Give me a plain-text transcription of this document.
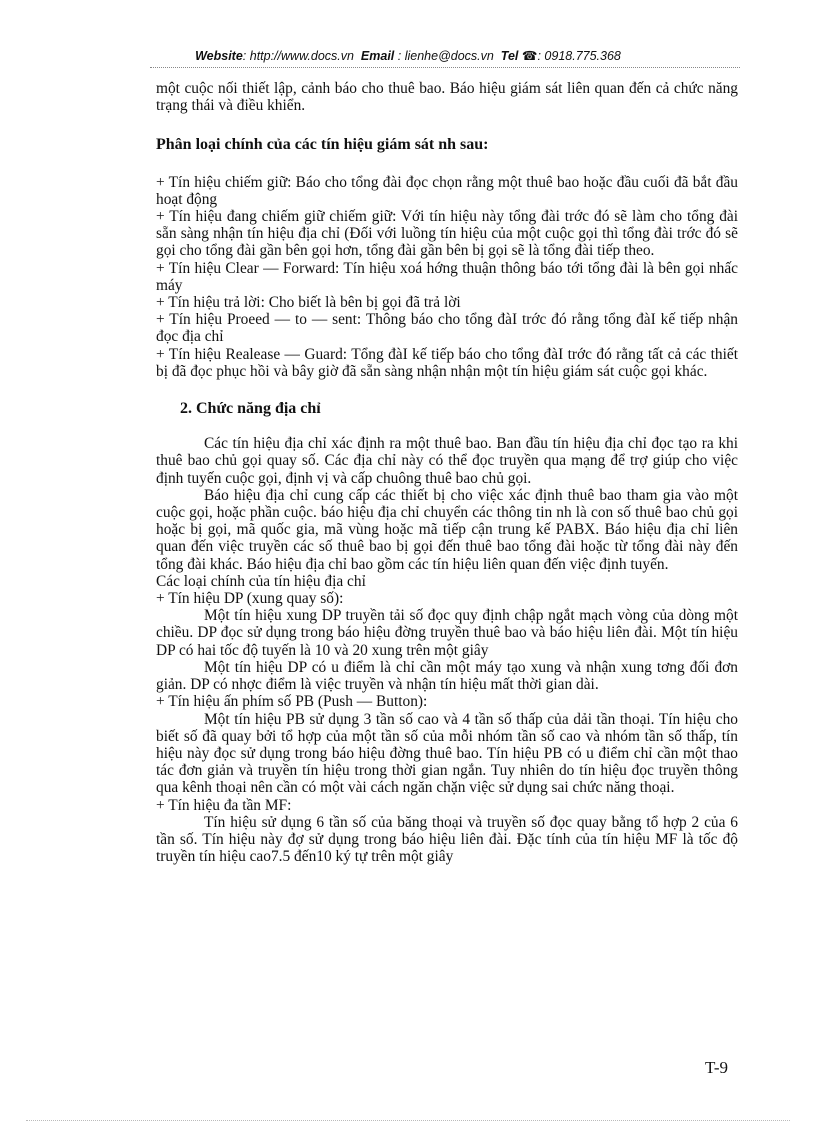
Website: http://www.docs.vn Email : lienhe@docs.vn Tel ☎: 0918.775.368

một cuộc nối thiết lập, cảnh báo cho thuê bao. Báo hiệu giám sát liên quan đến cả chức năng trạng thái và điều khiển.

Phân loại chính của các tín hiệu giám sát nh sau:

+ Tín hiệu chiếm giữ: Báo cho tổng đài đọc chọn rằng một thuê bao hoặc đầu cuối đã bắt đầu hoạt động

+ Tín hiệu đang chiếm giữ chiếm giữ: Với tín hiệu này tổng đài trớc đó sẽ làm cho tổng đài sẵn sàng nhận tín hiệu địa chỉ (Đối với luồng tín hiệu của một cuộc gọi thì tổng đài trớc đó sẽ gọi cho tổng đài gần bên gọi hơn, tổng đài gần bên bị gọi sẽ là tổng đài tiếp theo.

+ Tín hiệu Clear — Forward: Tín hiệu xoá hớng thuận thông báo tới tổng đài là bên gọi nhấc máy

+ Tín hiệu trả lời: Cho biết là bên bị gọi đã trả lời

+ Tín hiệu Proeed — to — sent: Thông báo cho tổng đàI trớc đó rằng tổng đàI kế tiếp nhận đọc địa chỉ

+ Tín hiệu Realease — Guard: Tổng đàI kế tiếp báo cho tổng đàI trớc đó rằng tất cả các thiết bị đã đọc phục hồi và bây giờ đã sẵn sàng nhận nhận một tín hiệu giám sát cuộc gọi khác.

2. Chức năng địa chỉ

Các tín hiệu địa chỉ xác định ra một thuê bao. Ban đầu tín hiệu địa chỉ đọc tạo ra khi thuê bao chủ gọi quay số. Các địa chỉ này có thể đọc truyền qua mạng để trợ giúp cho việc định tuyến cuộc gọi, định vị và cấp chuông thuê bao chủ gọi.

Báo hiệu địa chỉ cung cấp các thiết bị cho việc xác định thuê bao tham gia vào một cuộc gọi, hoặc phần cuộc. báo hiệu địa chỉ chuyển các thông tin nh là con số thuê bao chủ gọi hoặc bị gọi, mã quốc gia, mã vùng hoặc mã tiếp cận trung kế PABX. Báo hiệu địa chỉ liên quan đến việc truyền các số thuê bao bị gọi đến thuê bao tổng đài hoặc từ tổng đài này đến tổng đài khác. Báo hiệu địa chỉ bao gồm các tín hiệu liên quan đến việc định tuyến.

Các loại chính của tín hiệu địa chỉ

+ Tín hiệu DP (xung quay số):

Một tín hiệu xung DP truyền tải số đọc quy định chập ngắt mạch vòng của dòng một chiều. DP đọc sử dụng trong báo hiệu đờng truyền thuê bao và báo hiệu liên đài. Một tín hiệu DP có hai tốc độ tuyến là 10 và 20 xung trên một giây

Một tín hiệu DP có u điểm là chỉ cần một máy tạo xung và nhận xung tơng đối đơn giản. DP có nhợc điểm là việc truyền và nhận tín hiệu mất thời gian dài.

+ Tín hiệu ấn phím số PB (Push — Button):

Một tín hiệu PB sử dụng 3 tần số cao và 4 tần số thấp của dải tần thoại. Tín hiệu cho biết số đã quay bởi tổ hợp của một tần số của mỗi nhóm tần số cao và nhóm tần số thấp, tín hiệu này đọc sử dụng trong báo hiệu đờng thuê bao. Tín hiệu PB có u điểm chỉ cần một thao tác đơn giản và truyền tín hiệu trong thời gian ngắn. Tuy nhiên do tín hiệu đọc truyền thông qua kênh thoại nên cần có một vài cách ngăn chặn việc sử dụng sai chức năng thoại.

+ Tín hiệu đa tần MF:

Tín hiệu sử dụng 6 tần số của băng thoại và truyền số đọc quay bằng tổ hợp 2 của 6 tần số. Tín hiệu này đợ sử dụng trong báo hiệu liên đài. Đặc tính của tín hiệu MF là tốc độ truyền tín hiệu cao7.5 đến10 ký tự trên một giây

T-9
